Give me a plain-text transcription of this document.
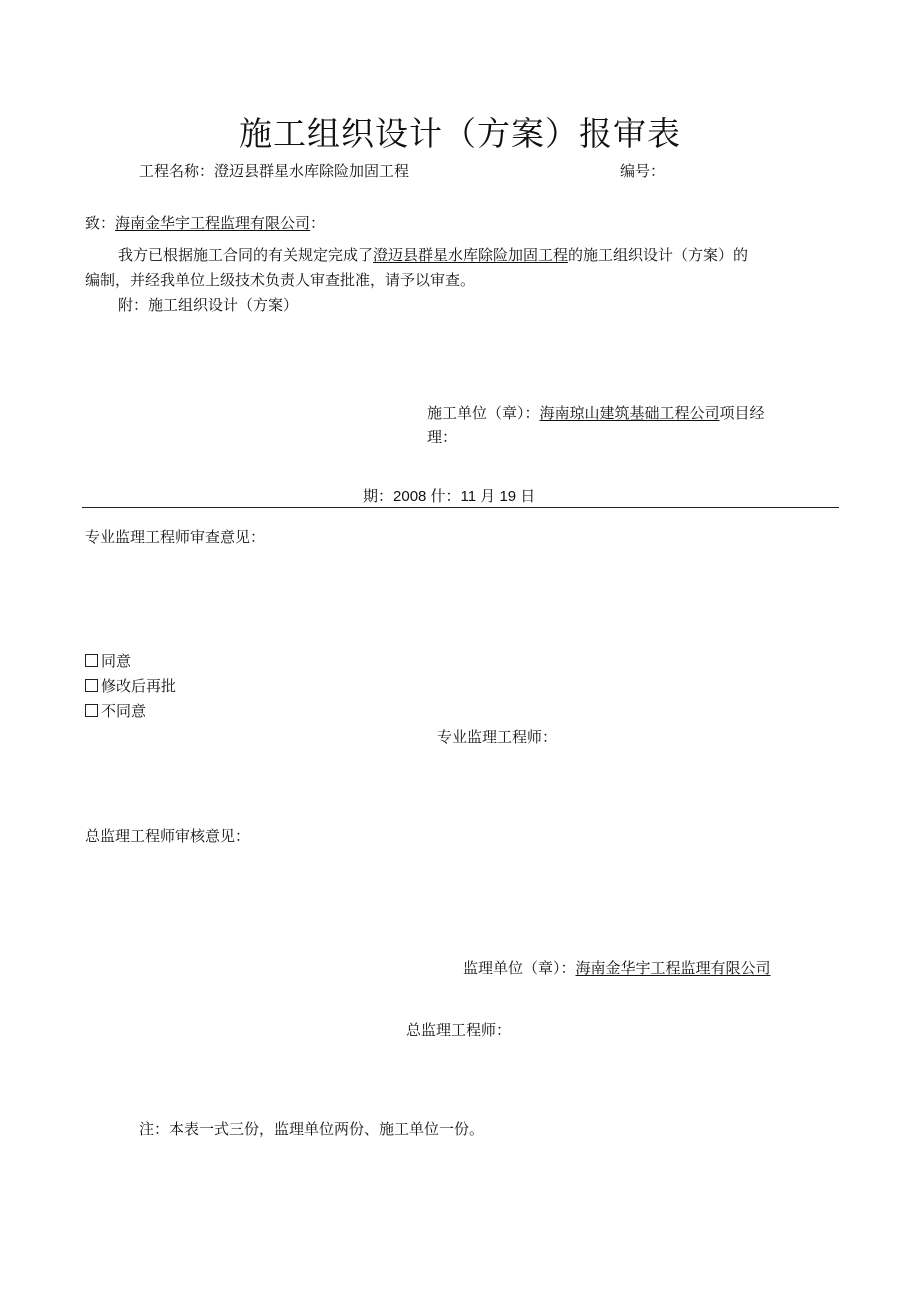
施工组织设计（方案）报审表
工程名称：澄迈县群星水库除险加固工程	编号：
致：海南金华宇工程监理有限公司：
我方已根据施工合同的有关规定完成了澄迈县群星水库除险加固工程的施工组织设计（方案）的
编制，并经我单位上级技术负责人审查批准，请予以审查。
附：施工组织设计（方案）
施工单位（章）：海南琼山建筑基础工程公司项目经
理：
期：2008 什：11 月 19 日
专业监理工程师审查意见：
同意
修改后再批
不同意
专业监理工程师：
总监理工程师审核意见：
监理单位（章）：海南金华宇工程监理有限公司
总监理工程师：
注：本表一式三份，监理单位两份、施工单位一份。
